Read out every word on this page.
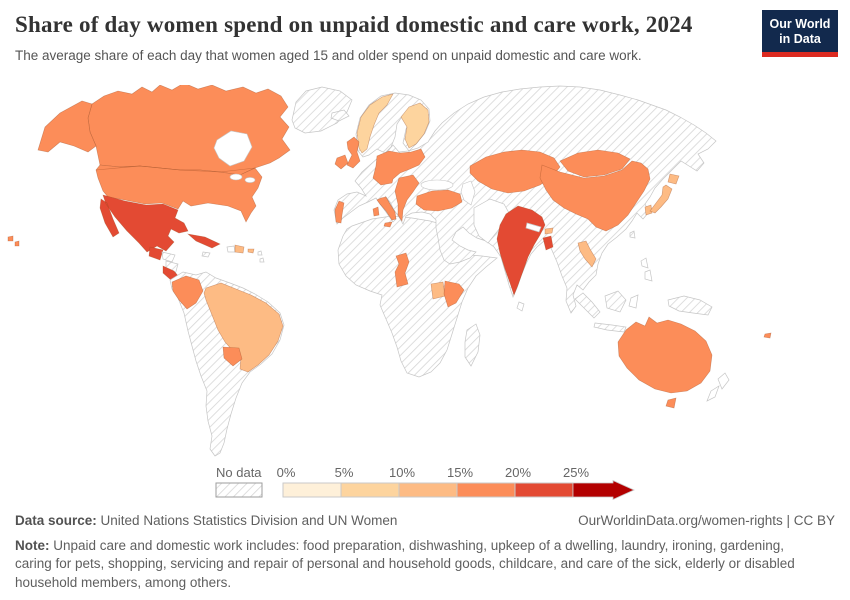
Share of day women spend on unpaid domestic and care work, 2024

The average share of each day that women aged 15 and older spend on unpaid domestic and care work.

Our World
in Data
No data 0%	5%	10% 15% 20% 25%
Data source: United Nations Statistics Division and UN Women	OurWorldinData.org/women-rights | CC BY
Note: Unpaid care and domestic work includes: food preparation, dishwashing, upkeep of a dwelling, laundry, ironing, gardening, caring for pets, shopping, servicing and repair of personal and household goods, childcare, and care of the sick, elderly or disabled household members, among others.
